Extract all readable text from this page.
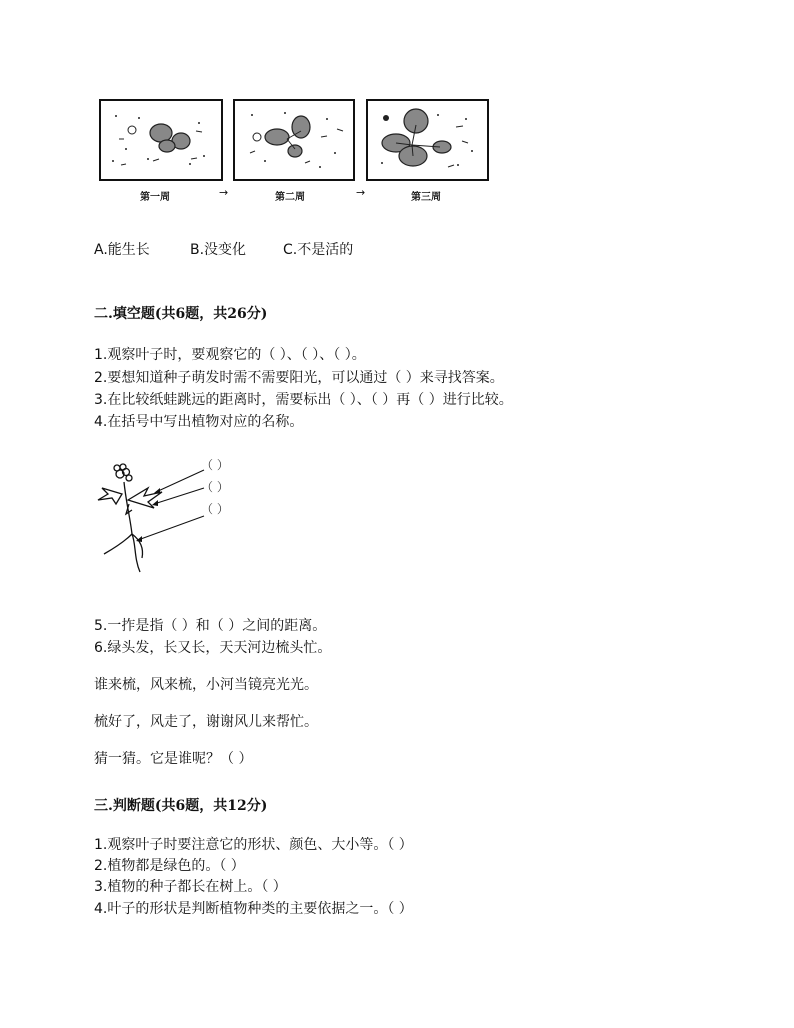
第一周	→	第二周	→	第三周
A.能生长	B.没变化	C.不是活的
二.填空题(共6题，共26分)
1.观察叶子时，要观察它的（ ）、（ ）、（ ）。
2.要想知道种子萌发时需不需要阳光，可以通过（ ）来寻找答案。
3.在比较纸蛙跳远的距离时，需要标出（ ）、（ ）再（ ）进行比较。
4.在括号中写出植物对应的名称。
（ ）
（ ）
（ ）
5.一拃是指（ ）和（ ）之间的距离。
6.绿头发，长又长，天天河边梳头忙。
谁来梳，风来梳，小河当镜亮光光。
梳好了，风走了，谢谢风儿来帮忙。
猜一猜。它是谁呢？（ ）
三.判断题(共6题，共12分)
1.观察叶子时要注意它的形状、颜色、大小等。（ ）
2.植物都是绿色的。（ ）
3.植物的种子都长在树上。（ ）
4.叶子的形状是判断植物种类的主要依据之一。（ ）
